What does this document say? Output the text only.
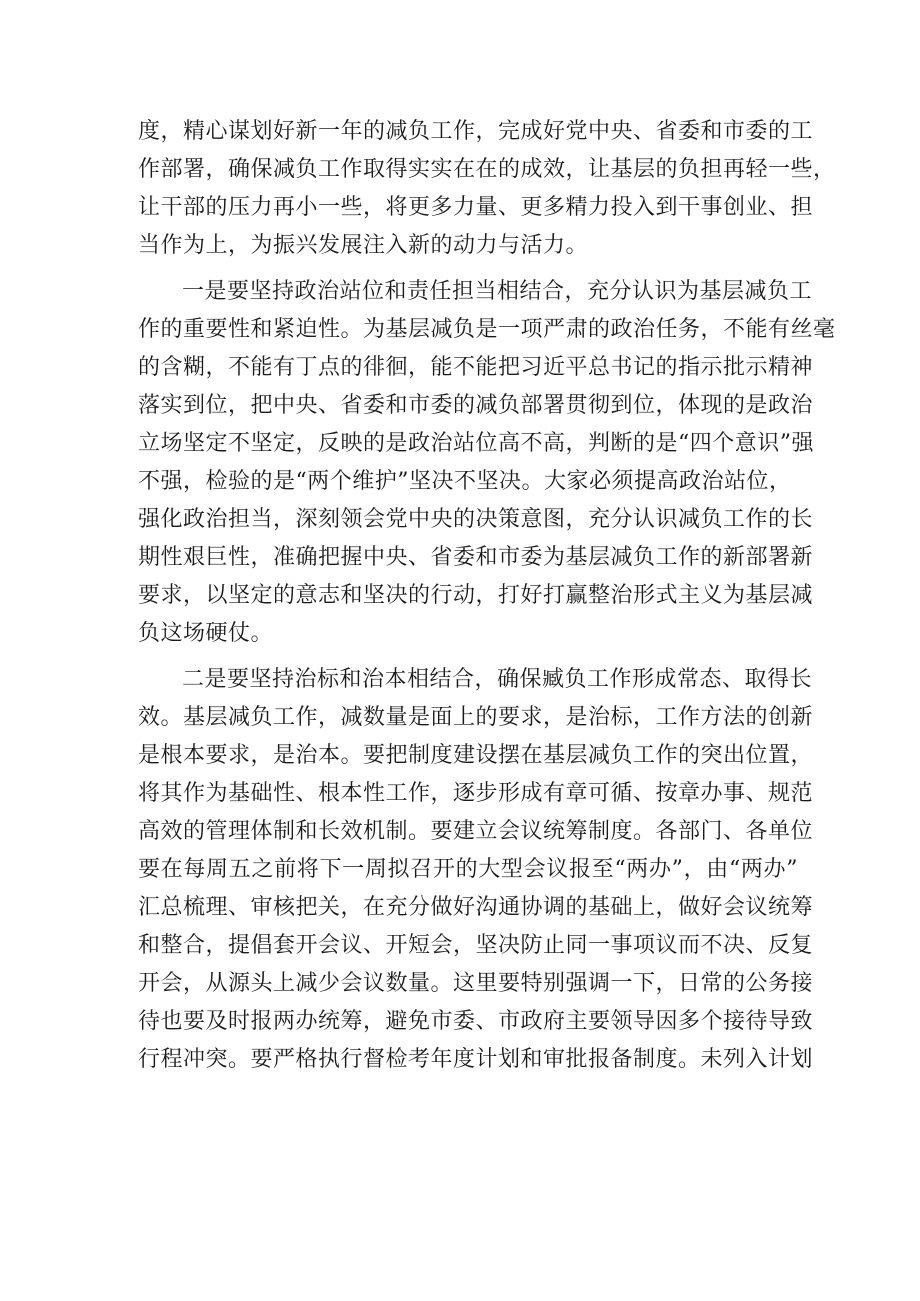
度，精心谋划好新一年的减负工作，完成好党中央、省委和市委的工
作部署，确保减负工作取得实实在在的成效，让基层的负担再轻一些，
让干部的压力再小一些，将更多力量、更多精力投入到干事创业、担
当作为上，为振兴发展注入新的动力与活力。
一是要坚持政治站位和责任担当相结合，充分认识为基层减负工
作的重要性和紧迫性。为基层减负是一项严肃的政治任务，不能有丝毫
的含糊，不能有丁点的徘徊，能不能把习近平总书记的指示批示精神
落实到位，把中央、省委和市委的减负部署贯彻到位，体现的是政治
立场坚定不坚定，反映的是政治站位高不高，判断的是“四个意识”强
不强，检验的是“两个维护”坚决不坚决。大家必须提高政治站位，
强化政治担当，深刻领会党中央的决策意图，充分认识减负工作的长
期性艰巨性，准确把握中央、省委和市委为基层减负工作的新部署新
要求，以坚定的意志和坚决的行动，打好打赢整治形式主义为基层减
负这场硬仗。
二是要坚持治标和治本相结合，确保臧负工作形成常态、取得长
效。基层减负工作，减数量是面上的要求，是治标，工作方法的创新
是根本要求，是治本。要把制度建设摆在基层减负工作的突出位置，
将其作为基础性、根本性工作，逐步形成有章可循、按章办事、规范
高效的管理体制和长效机制。要建立会议统筹制度。各部门、各单位
要在每周五之前将下一周拟召开的大型会议报至“两办”，由“两办”
汇总梳理、审核把关，在充分做好沟通协调的基础上，做好会议统筹
和整合，提倡套开会议、开短会，坚决防止同一事项议而不决、反复
开会，从源头上减少会议数量。这里要特别强调一下，日常的公务接
待也要及时报两办统筹，避免市委、市政府主要领导因多个接待导致
行程冲突。要严格执行督检考年度计划和审批报备制度。未列入计划
